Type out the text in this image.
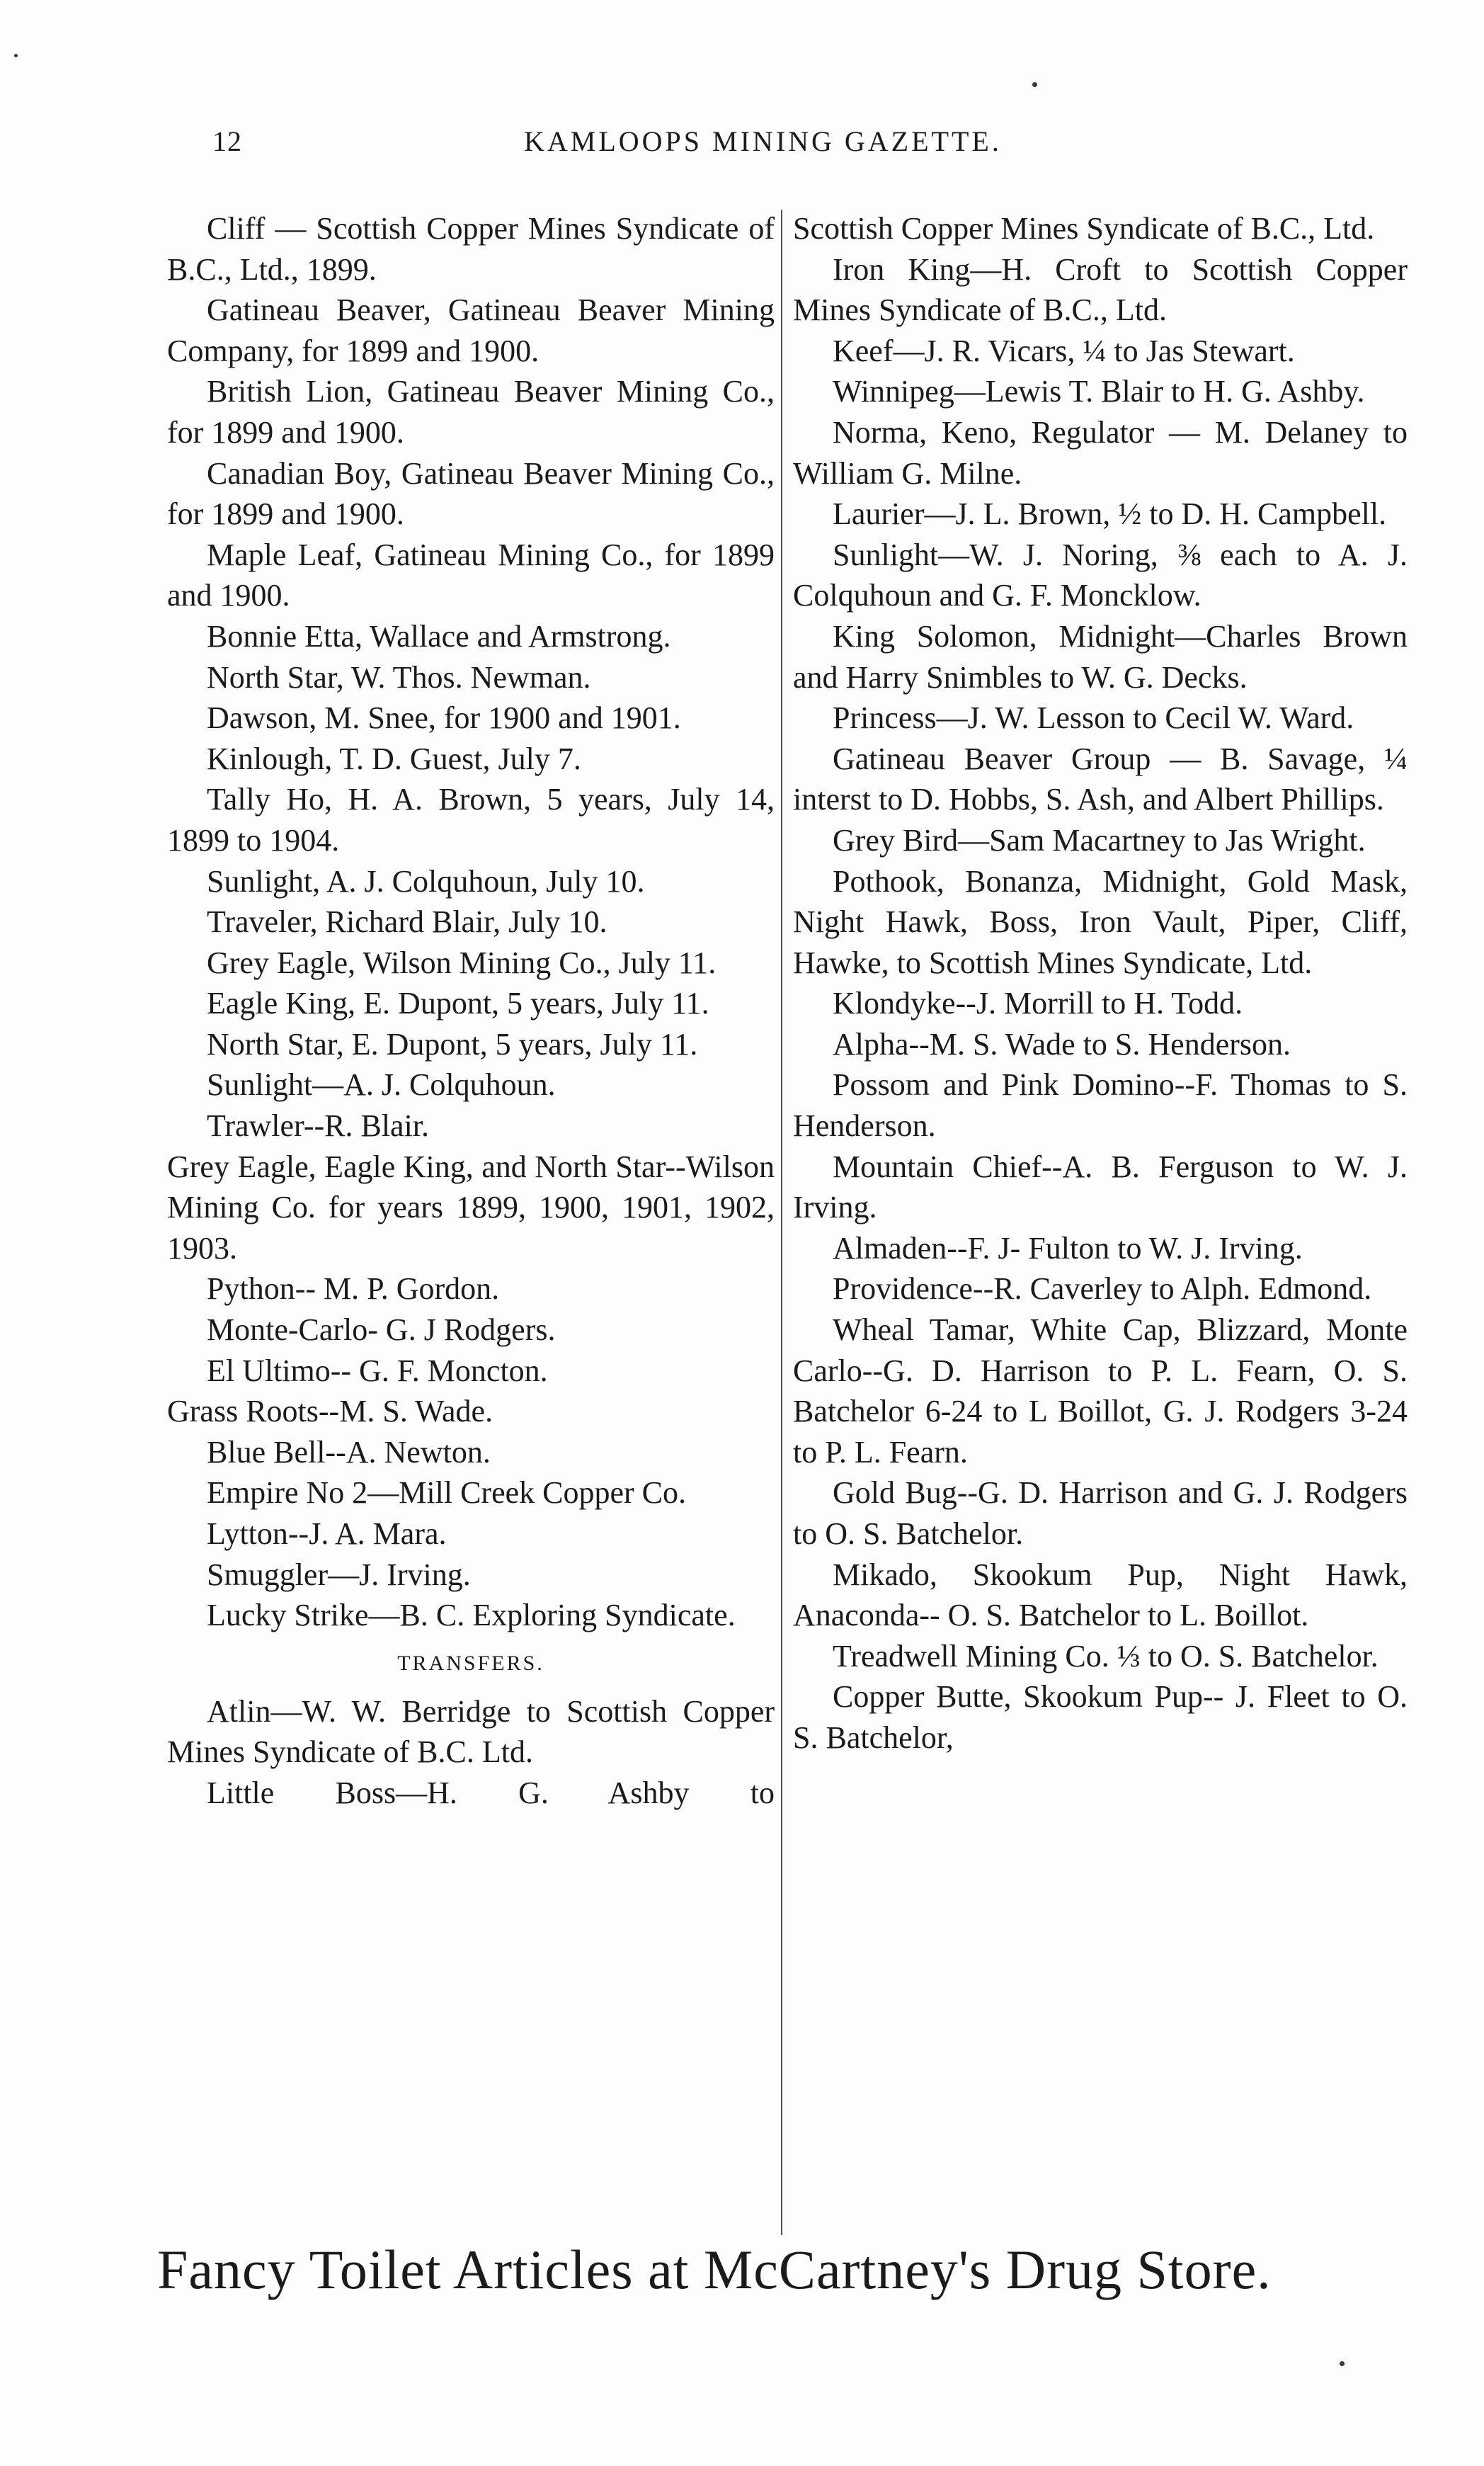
12	KAMLOOPS MINING GAZETTE.

Cliff — Scottish Copper Mines Syndicate of B.C., Ltd., 1899.

Gatineau Beaver, Gatineau Beaver Mining Company, for 1899 and 1900.

British Lion, Gatineau Beaver Mining Co., for 1899 and 1900.

Canadian Boy, Gatineau Beaver Mining Co., for 1899 and 1900.

Maple Leaf, Gatineau Mining Co., for 1899 and 1900.

Bonnie Etta, Wallace and Armstrong.

North Star, W. Thos. Newman.

Dawson, M. Snee, for 1900 and 1901.

Kinlough, T. D. Guest, July 7.

Tally Ho, H. A. Brown, 5 years, July 14, 1899 to 1904.

Sunlight, A. J. Colquhoun, July 10.

Traveler, Richard Blair, July 10.

Grey Eagle, Wilson Mining Co., July 11.

Eagle King, E. Dupont, 5 years, July 11.

North Star, E. Dupont, 5 years, July 11.

Sunlight—A. J. Colquhoun.

Trawler--R. Blair.

Grey Eagle, Eagle King, and North Star--Wilson Mining Co. for years 1899, 1900, 1901, 1902, 1903.

Python-- M. P. Gordon.

Monte-Carlo- G. J Rodgers.

El Ultimo-- G. F. Moncton.

Grass Roots--M. S. Wade.

Blue Bell--A. Newton.

Empire No 2—Mill Creek Copper Co.

Lytton--J. A. Mara.

Smuggler—J. Irving.

Lucky Strike—B. C. Exploring Syndicate.

TRANSFERS.

Atlin—W. W. Berridge to Scottish Copper Mines Syndicate of B.C. Ltd.

Little Boss—H. G. Ashby to

Scottish Copper Mines Syndicate of B.C., Ltd.

Iron King—H. Croft to Scottish Copper Mines Syndicate of B.C., Ltd.

Keef—J. R. Vicars, ¼ to Jas Stewart.

Winnipeg—Lewis T. Blair to H. G. Ashby.

Norma, Keno, Regulator — M. Delaney to William G. Milne.

Laurier—J. L. Brown, ½ to D. H. Campbell.

Sunlight—W. J. Noring, ⅜ each to A. J. Colquhoun and G. F. Moncklow.

King Solomon, Midnight—Charles Brown and Harry Snimbles to W. G. Decks.

Princess—J. W. Lesson to Cecil W. Ward.

Gatineau Beaver Group — B. Savage, ¼ interst to D. Hobbs, S. Ash, and Albert Phillips.

Grey Bird—Sam Macartney to Jas Wright.

Pothook, Bonanza, Midnight, Gold Mask, Night Hawk, Boss, Iron Vault, Piper, Cliff, Hawke, to Scottish Mines Syndicate, Ltd.

Klondyke--J. Morrill to H. Todd.

Alpha--M. S. Wade to S. Henderson.

Possom and Pink Domino--F. Thomas to S. Henderson.

Mountain Chief--A. B. Ferguson to W. J. Irving.

Almaden--F. J- Fulton to W. J. Irving.

Providence--R. Caverley to Alph. Edmond.

Wheal Tamar, White Cap, Blizzard, Monte Carlo--G. D. Harrison to P. L. Fearn, O. S. Batchelor 6-24 to L Boillot, G. J. Rodgers 3-24 to P. L. Fearn.

Gold Bug--G. D. Harrison and G. J. Rodgers to O. S. Batchelor.

Mikado, Skookum Pup, Night Hawk, Anaconda-- O. S. Batchelor to L. Boillot.

Treadwell Mining Co. ⅓ to O. S. Batchelor.

Copper Butte, Skookum Pup-- J. Fleet to O. S. Batchelor,

Fancy Toilet Articles at McCartney's Drug Store.
